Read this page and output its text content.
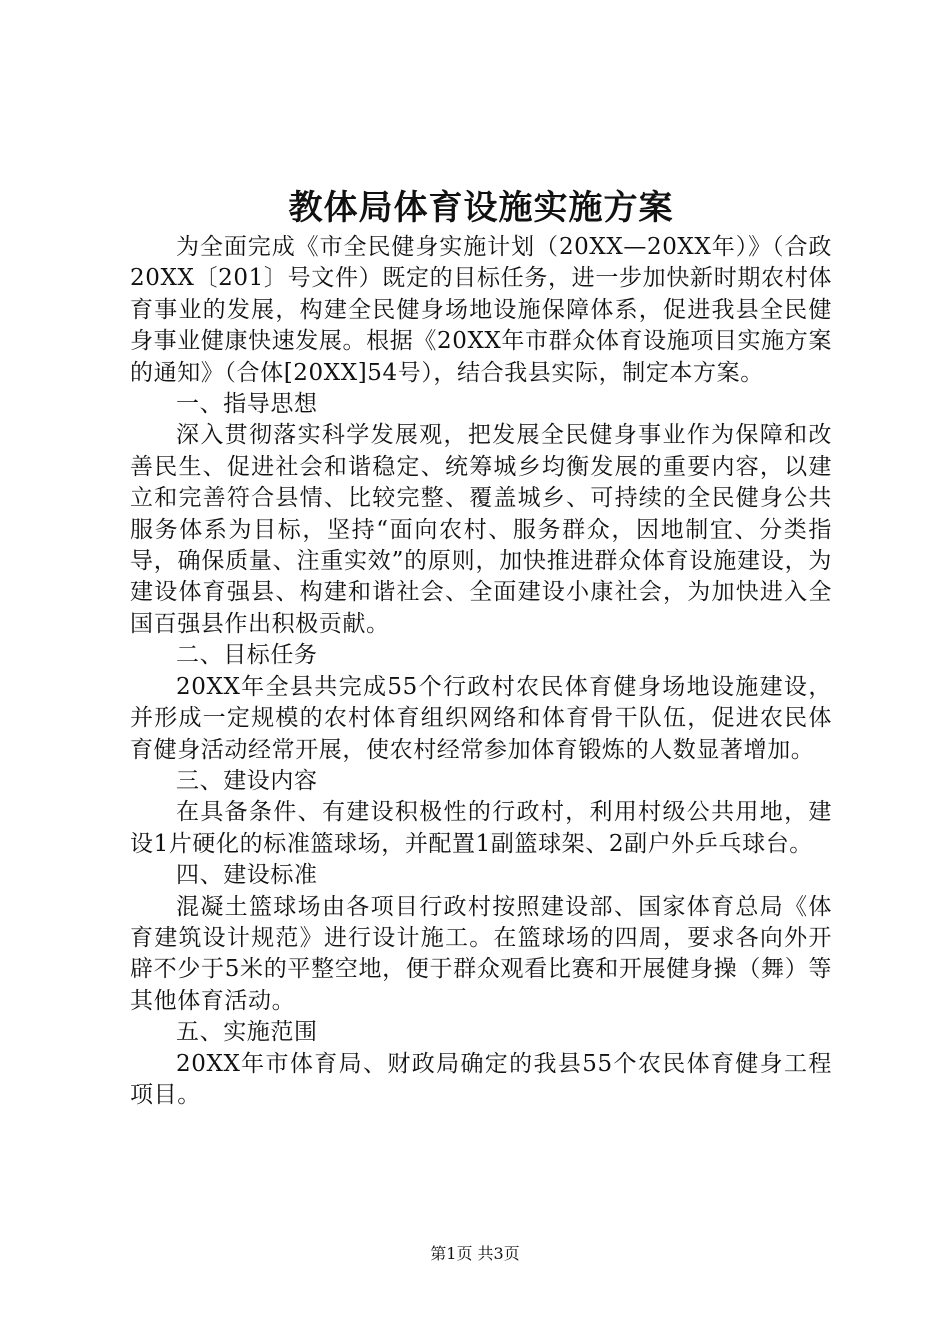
教体局体育设施实施方案

为全面完成《市全民健身实施计划（20XX—20XX年）》（合政20XX〔201〕号文件）既定的目标任务，进一步加快新时期农村体育事业的发展，构建全民健身场地设施保障体系，促进我县全民健身事业健康快速发展。根据《20XX年市群众体育设施项目实施方案的通知》（合体[20XX]54号），结合我县实际，制定本方案。

一、指导思想

深入贯彻落实科学发展观，把发展全民健身事业作为保障和改善民生、促进社会和谐稳定、统筹城乡均衡发展的重要内容，以建立和完善符合县情、比较完整、覆盖城乡、可持续的全民健身公共服务体系为目标，坚持“面向农村、服务群众，因地制宜、分类指导，确保质量、注重实效”的原则，加快推进群众体育设施建设，为建设体育强县、构建和谐社会、全面建设小康社会，为加快进入全国百强县作出积极贡献。

二、目标任务

20XX年全县共完成55个行政村农民体育健身场地设施建设，并形成一定规模的农村体育组织网络和体育骨干队伍，促进农民体育健身活动经常开展，使农村经常参加体育锻炼的人数显著增加。

三、建设内容

在具备条件、有建设积极性的行政村，利用村级公共用地，建设1片硬化的标准篮球场，并配置1副篮球架、2副户外乒乓球台。

四、建设标准

混凝土篮球场由各项目行政村按照建设部、国家体育总局《体育建筑设计规范》进行设计施工。在篮球场的四周，要求各向外开辟不少于5米的平整空地，便于群众观看比赛和开展健身操（舞）等其他体育活动。

五、实施范围

20XX年市体育局、财政局确定的我县55个农民体育健身工程项目。

第1页 共3页
